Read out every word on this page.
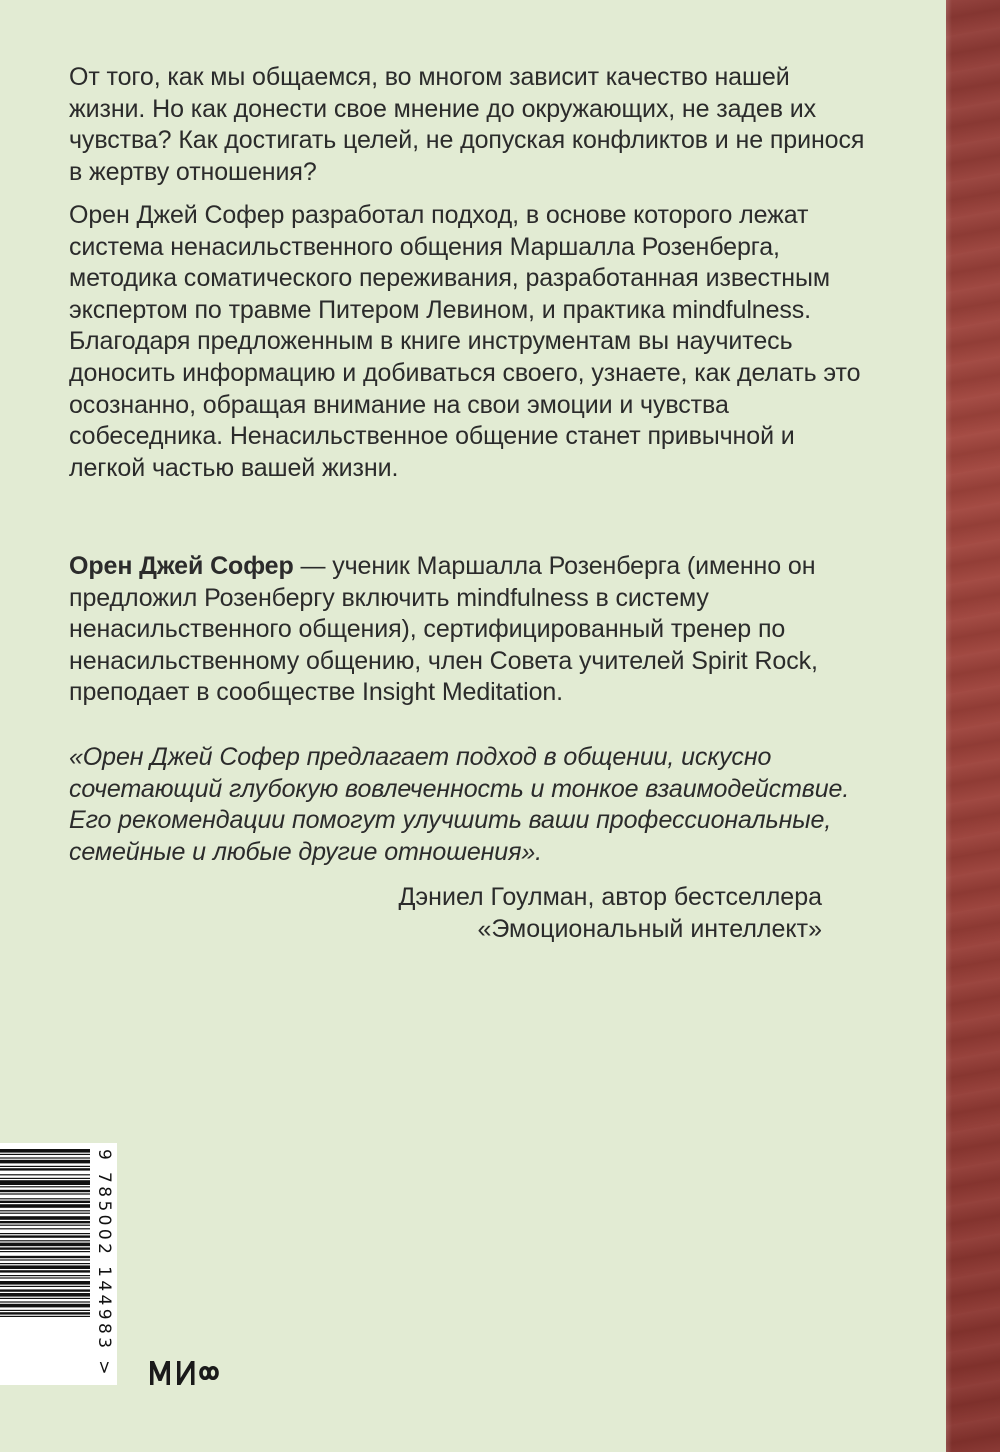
От того, как мы общаемся, во многом зависит качество нашей жизни. Но как донести свое мнение до окружающих, не задев их чувства? Как достигать целей, не допуская конфликтов и не принося в жертву отношения?

Орен Джей Софер разработал подход, в основе которого лежат система ненасильственного общения Маршалла Розенберга, методика соматического переживания, разработанная известным экспертом по травме Питером Левином, и практика mindfulness. Благодаря предложенным в книге инструментам вы научитесь доносить информацию и добиваться своего, узнаете, как делать это осознанно, обращая внимание на свои эмоции и чувства собеседника. Ненасильственное общение станет привычной и легкой частью вашей жизни.

Орен Джей Софер — ученик Маршалла Розенберга (именно он предложил Розенбергу включить mindfulness в систему ненасильственного общения), сертифицированный тренер по ненасильственному общению, член Совета учителей Spirit Rock, преподает в сообществе Insight Meditation.

«Орен Джей Софер предлагает подход в общении, искусно сочетающий глубокую вовлеченность и тонкое взаимодействие. Его рекомендации помогут улучшить ваши профессиональные, семейные и любые другие отношения».

Дэниел Гоулман, автор бестселлера
«Эмоциональный интеллект»
9 785002 144983 >
